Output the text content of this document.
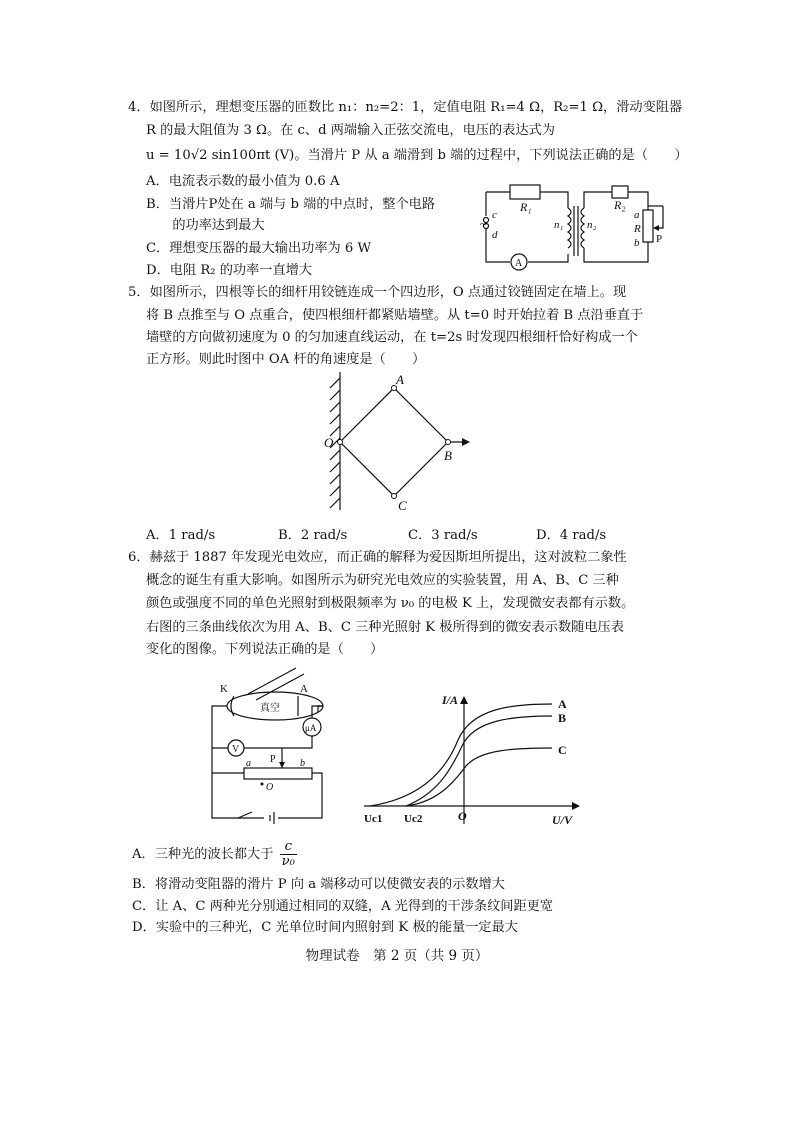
4．如图所示，理想变压器的匝数比 n₁：n₂=2：1，定值电阻 R₁=4 Ω，R₂=1 Ω，滑动变阻器
R 的最大阻值为 3 Ω。在 c、d 两端输入正弦交流电，电压的表达式为
u = 10√2 sin100πt (V)。当滑片 P 从 a 端滑到 b 端的过程中，下列说法正确的是（　　）
A．电流表示数的最小值为 0.6 A
B．当滑片P处在 a 端与 b 端的中点时，整个电路
　　的功率达到最大
C．理想变压器的最大输出功率为 6 W
D．电阻 R₂ 的功率一直增大
R₁	R₂
n₁ n₂
c
d
~
a
R
b P
A
5．如图所示，四根等长的细杆用铰链连成一个四边形，O 点通过铰链固定在墙上。现
将 B 点推至与 O 点重合，使四根细杆都紧贴墙壁。从 t=0 时开始拉着 B 点沿垂直于
墙壁的方向做初速度为 0 的匀加速直线运动，在 t=2s 时发现四根细杆恰好构成一个
正方形。则此时图中 OA 杆的角速度是（　　）
O
A
B
C
A．1 rad/s	B．2 rad/s	C．3 rad/s	D．4 rad/s
6．赫兹于 1887 年发现光电效应，而正确的解释为爱因斯坦所提出，这对波粒二象性
概念的诞生有重大影响。如图所示为研究光电效应的实验装置，用 A、B、C 三种
颜色或强度不同的单色光照射到极限频率为 ν₀ 的电极 K 上，发现微安表都有示数。
右图的三条曲线依次为用 A、B、C 三种光照射 K 极所得到的微安表示数随电压表
变化的图像。下列说法正确的是（　　）
K	A
真空
μA
V
a P b
O
I/A
U/V
O
Uc1 Uc2
A
B
C
A．三种光的波长都大于 $\frac{c}{\text{ν₀}}$
B．将滑动变阻器的滑片 P 向 a 端移动可以使微安表的示数增大
C．让 A、C 两种光分别通过相同的双缝，A 光得到的干涉条纹间距更宽
D．实验中的三种光，C 光单位时间内照射到 K 极的能量一定最大
物理试卷　第 2 页（共 9 页）
